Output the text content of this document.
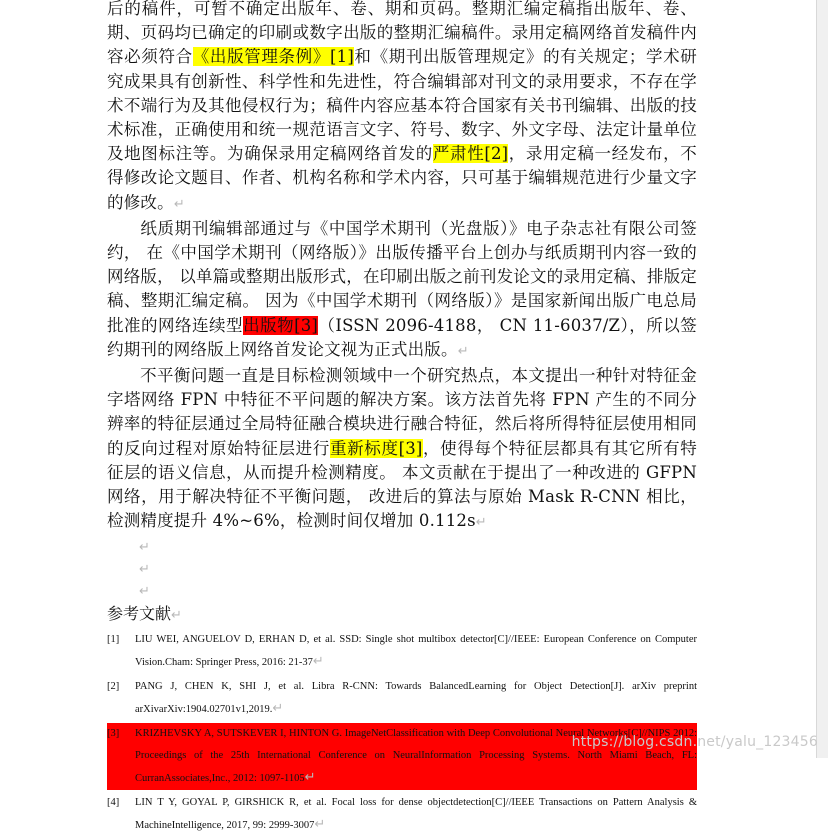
后的稿件，可暂不确定出版年、卷、期和页码。整期汇编定稿指出版年、卷、期、页码均已确定的印刷或数字出版的整期汇编稿件。录用定稿网络首发稿件内容必须符合《出版管理条例》[1]和《期刊出版管理规定》的有关规定；学术研究成果具有创新性、科学性和先进性，符合编辑部对刊文的录用要求，不存在学术不端行为及其他侵权行为；稿件内容应基本符合国家有关书刊编辑、出版的技术标准，正确使用和统一规范语言文字、符号、数字、外文字母、法定计量单位及地图标注等。为确保录用定稿网络首发的严肃性[2]，录用定稿一经发布，不得修改论文题目、作者、机构名称和学术内容，只可基于编辑规范进行少量文字的修改。↵

纸质期刊编辑部通过与《中国学术期刊（光盘版）》电子杂志社有限公司签约， 在《中国学术期刊（网络版）》出版传播平台上创办与纸质期刊内容一致的网络版， 以单篇或整期出版形式，在印刷出版之前刊发论文的录用定稿、排版定稿、整期汇编定稿。 因为《中国学术期刊（网络版）》是国家新闻出版广电总局批准的网络连续型出版物[3]（ISSN 2096-4188， CN 11-6037/Z），所以签约期刊的网络版上网络首发论文视为正式出版。↵

不平衡问题一直是目标检测领域中一个研究热点，本文提出一种针对特征金字塔网络 FPN 中特征不平问题的解决方案。该方法首先将 FPN 产生的不同分辨率的特征层通过全局特征融合模块进行融合特征，然后将所得特征层使用相同的反向过程对原始特征层进行重新标度[3]，使得每个特征层都具有其它所有特征层的语义信息，从而提升检测精度。 本文贡献在于提出了一种改进的 GFPN 网络，用于解决特征不平衡问题， 改进后的算法与原始 Mask R-CNN 相比，检测精度提升 4%~6%，检测时间仅增加 0.112s↵

↵
↵
↵
参考文献↵
[1]	LIU WEI, ANGUELOV D, ERHAN D, et al. SSD: Single shot multibox detector[C]//IEEE: European Conference on Computer Vision.Cham: Springer Press, 2016: 21-37↵
[2]	PANG J, CHEN K, SHI J, et al. Libra R-CNN: Towards BalancedLearning for Object Detection[J]. arXiv preprint arXivarXiv:1904.02701v1,2019.↵
[3]	KRIZHEVSKY A, SUTSKEVER I, HINTON G. ImageNetClassification with Deep Convolutional Neural Networks[C]//NIPS 2012: Proceedings of the 25th International Conference on NeuralInformation Processing Systems. North Miami Beach, FL: CurranAssociates,Inc., 2012: 1097-1105↵
[4]	LIN T Y, GOYAL P, GIRSHICK R, et al. Focal loss for dense objectdetection[C]//IEEE Transactions on Pattern Analysis & MachineIntelligence, 2017, 99: 2999-3007↵
https://blog.csdn.net/yalu_123456
